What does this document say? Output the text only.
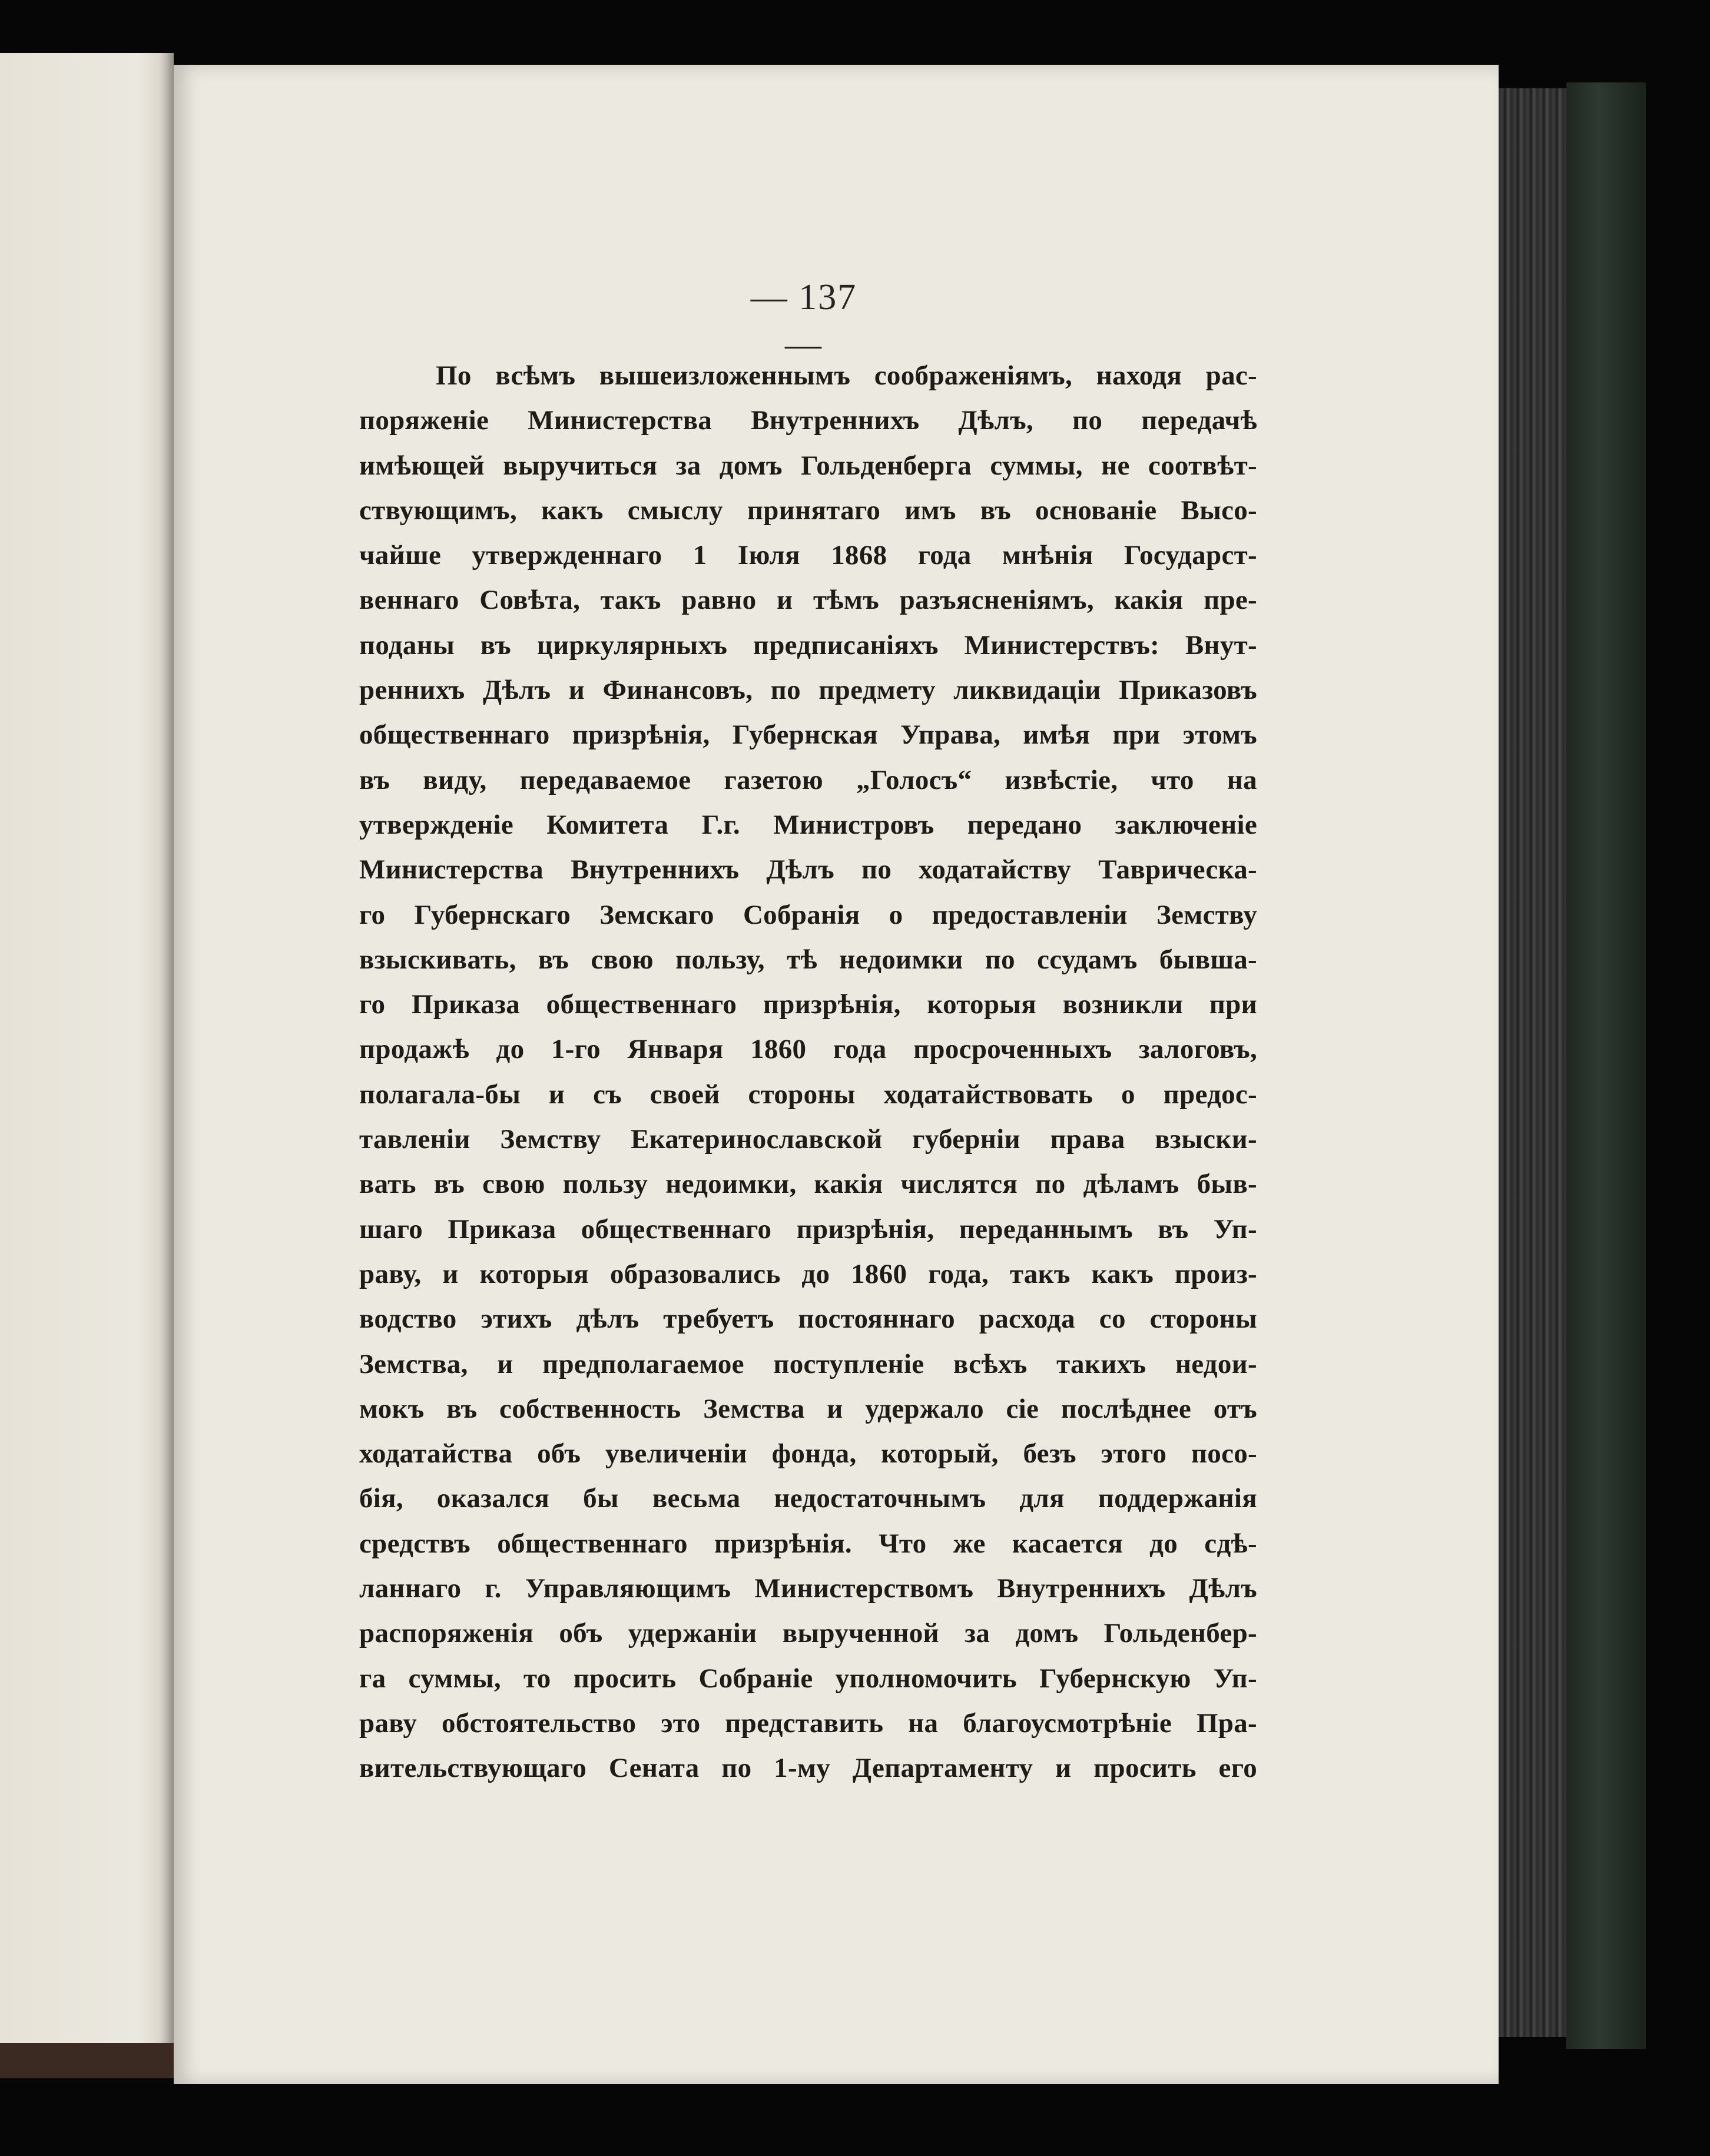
— 137 —
По всѣмъ вышеизложеннымъ соображеніямъ, находя рас-
поряженіе Министерства Внутреннихъ Дѣлъ, по передачѣ
имѣющей выручиться за домъ Гольденберга суммы, не соотвѣт-
ствующимъ, какъ смыслу принятаго имъ въ основаніе Высо-
чайше утвержденнаго 1 Іюля 1868 года мнѣнія Государст-
веннаго Совѣта, такъ равно и тѣмъ разъясненіямъ, какія пре-
поданы въ циркулярныхъ предписаніяхъ Министерствъ: Внут-
реннихъ Дѣлъ и Финансовъ, по предмету ликвидаціи Приказовъ
общественнаго призрѣнія, Губернская Управа, имѣя при этомъ
въ виду, передаваемое газетою „Голосъ“ извѣстіе, что на
утвержденіе Комитета Г.г. Министровъ передано заключеніе
Министерства Внутреннихъ Дѣлъ по ходатайству Таврическа-
го Губернскаго Земскаго Собранія о предоставленіи Земству
взыскивать, въ свою пользу, тѣ недоимки по ссудамъ бывша-
го Приказа общественнаго призрѣнія, которыя возникли при
продажѣ до 1-го Января 1860 года просроченныхъ залоговъ,
полагала-бы и съ своей стороны ходатайствовать о предос-
тавленіи Земству Екатеринославской губерніи права взыски-
вать въ свою пользу недоимки, какія числятся по дѣламъ быв-
шаго Приказа общественнаго призрѣнія, переданнымъ въ Уп-
раву, и которыя образовались до 1860 года, такъ какъ произ-
водство этихъ дѣлъ требуетъ постояннаго расхода со стороны
Земства, и предполагаемое поступленіе всѣхъ такихъ недои-
мокъ въ собственность Земства и удержало сіе послѣднее отъ
ходатайства объ увеличеніи фонда, который, безъ этого посо-
бія, оказался бы весьма недостаточнымъ для поддержанія
средствъ общественнаго призрѣнія. Что же касается до сдѣ-
ланнаго г. Управляющимъ Министерствомъ Внутреннихъ Дѣлъ
распоряженія объ удержаніи вырученной за домъ Гольденбер-
га суммы, то просить Собраніе уполномочить Губернскую Уп-
раву обстоятельство это представить на благоусмотрѣніе Пра-
вительствующаго Сената по 1-му Департаменту и просить его
